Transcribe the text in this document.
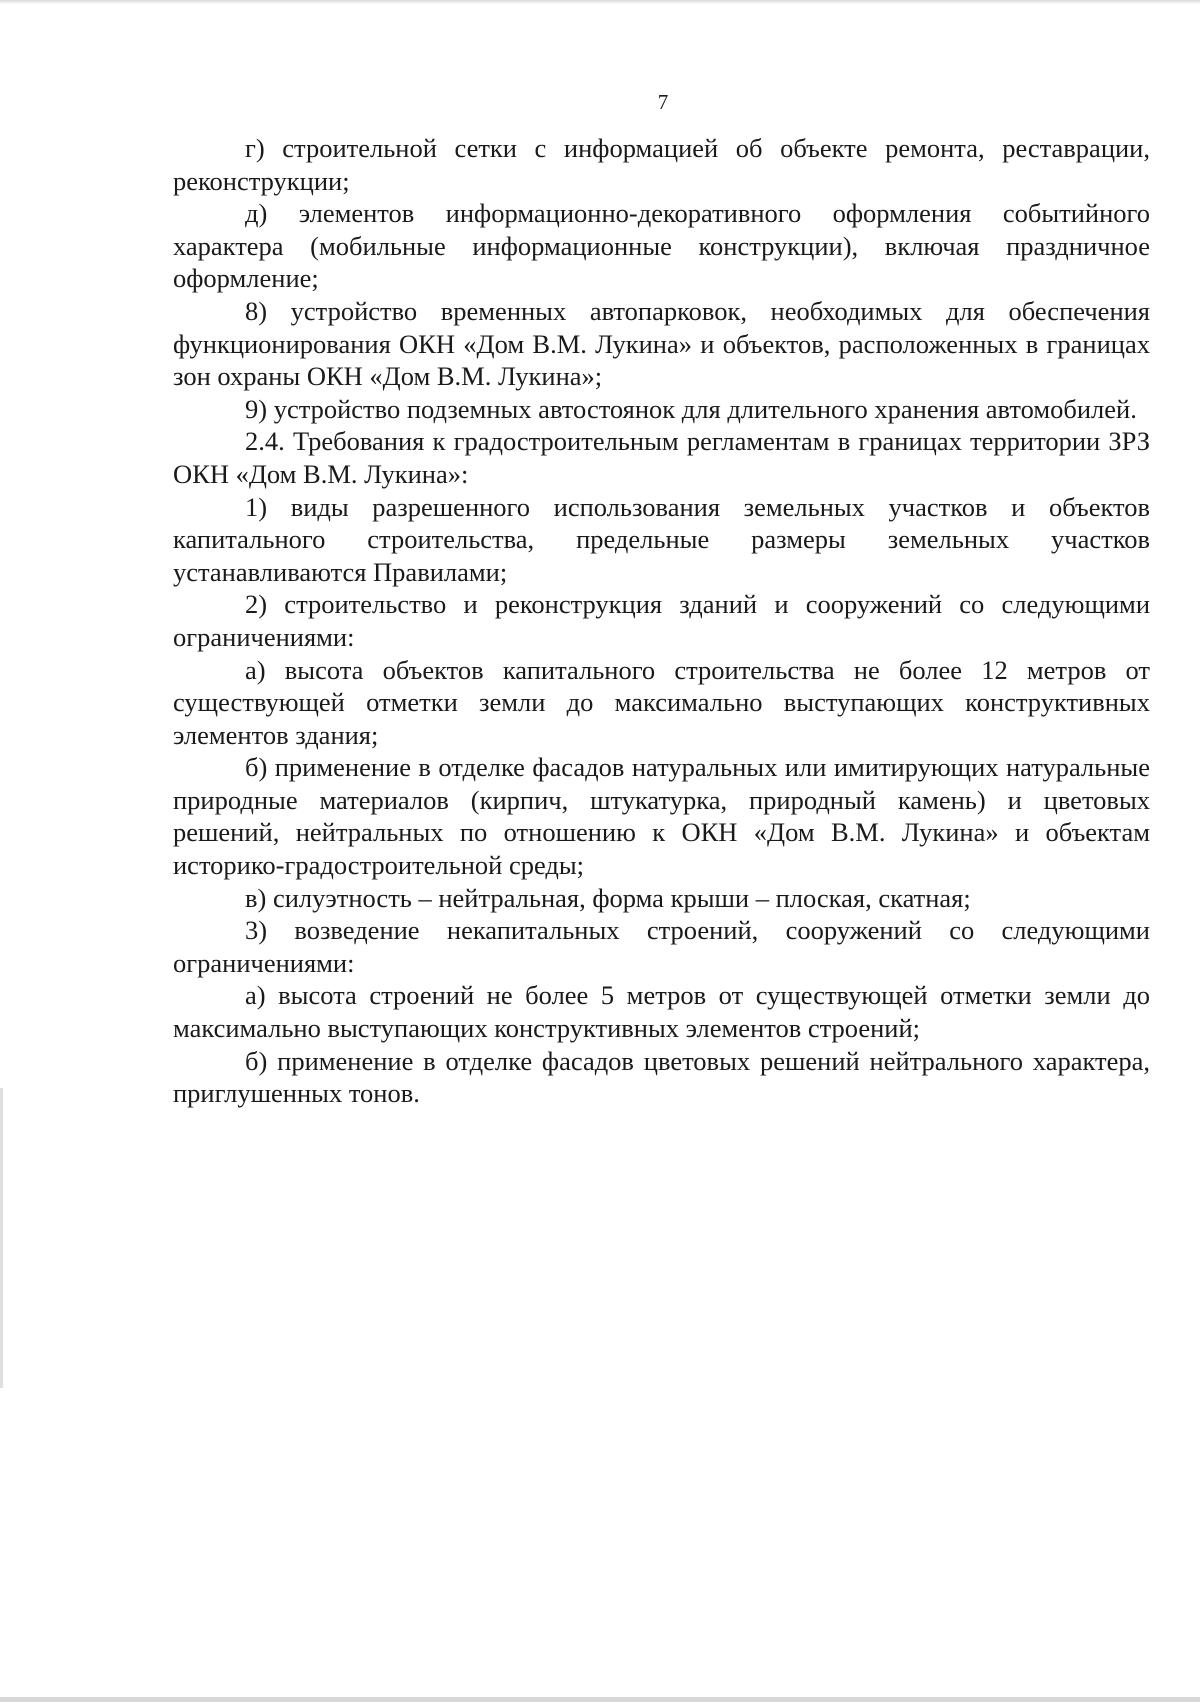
7

г) строительной сетки с информацией об объекте ремонта, реставрации, реконструкции;

д) элементов информационно-декоративного оформления событийного характера (мобильные информационные конструкции), включая праздничное оформление;

8) устройство временных автопарковок, необходимых для обеспечения функционирования ОКН «Дом В.М. Лукина» и объектов, расположенных в границах зон охраны ОКН «Дом В.М. Лукина»;

9) устройство подземных автостоянок для длительного хранения автомобилей.

2.4. Требования к градостроительным регламентам в границах территории ЗРЗ ОКН «Дом В.М. Лукина»:

1) виды разрешенного использования земельных участков и объектов капитального строительства, предельные размеры земельных участков устанавливаются Правилами;

2) строительство и реконструкция зданий и сооружений со следующими ограничениями:

а) высота объектов капитального строительства не более 12 метров от существующей отметки земли до максимально выступающих конструктивных элементов здания;

б) применение в отделке фасадов натуральных или имитирующих натуральные природные материалов (кирпич, штукатурка, природный камень) и цветовых решений, нейтральных по отношению к ОКН «Дом В.М. Лукина» и объектам историко-градостроительной среды;

в) силуэтность – нейтральная, форма крыши – плоская, скатная;

3) возведение некапитальных строений, сооружений со следующими ограничениями:

а) высота строений не более 5 метров от существующей отметки земли до максимально выступающих конструктивных элементов строений;

б) применение в отделке фасадов цветовых решений нейтрального характера, приглушенных тонов.
